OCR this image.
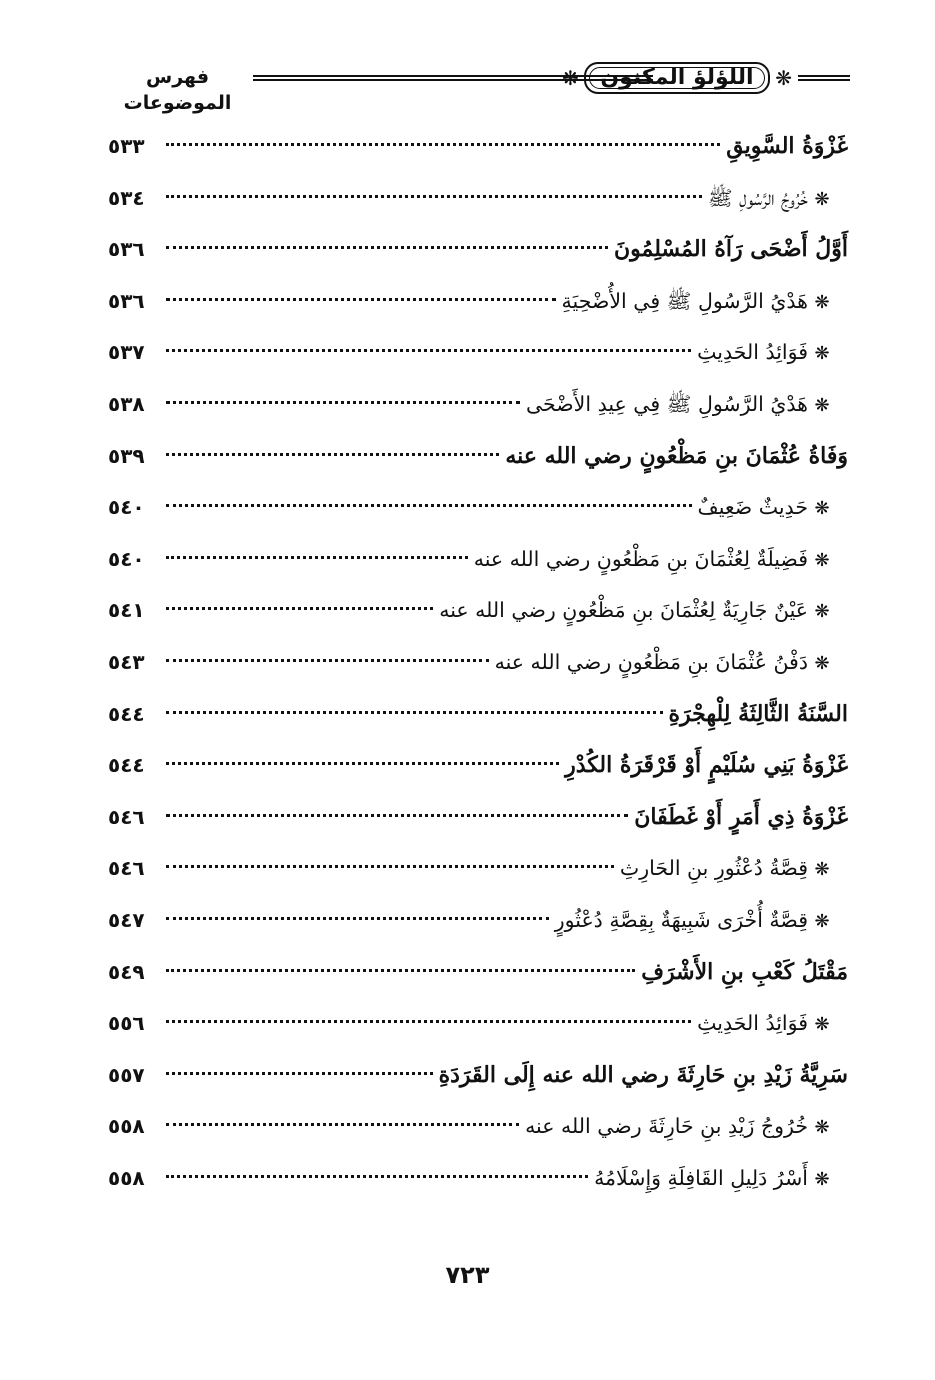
❋
اللؤلؤ المكنون
❋
فهرس الموضوعات
غَزْوَةُ السَّوِيقِ
٥٣٣
❋
خُرُوجُ الرَّسُولِ ﷺ
٥٣٤
أَوَّلُ أَضْحَى رَآهُ المُسْلِمُونَ
٥٣٦
❋
هَدْيُ الرَّسُولِ ﷺ فِي الأُضْحِيَةِ
٥٣٦
❋
فَوَائِدُ الحَدِيثِ
٥٣٧
❋
هَدْيُ الرَّسُولِ ﷺ فِي عِيدِ الأَضْحَى
٥٣٨
وَفَاةُ عُثْمَانَ بنِ مَظْعُونٍ رضي الله عنه
٥٣٩
❋
حَدِيثٌ ضَعِيفٌ
٥٤٠
❋
فَضِيلَةٌ لِعُثْمَانَ بنِ مَظْعُونٍ رضي الله عنه
٥٤٠
❋
عَيْنٌ جَارِيَةٌ لِعُثْمَانَ بنِ مَظْعُونٍ رضي الله عنه
٥٤١
❋
دَفْنُ عُثْمَانَ بنِ مَظْعُونٍ رضي الله عنه
٥٤٣
السَّنَةُ الثَّالِثَةُ لِلْهِجْرَةِ
٥٤٤
غَزْوَةُ بَنِي سُلَيْمٍ أَوْ قَرْقَرَةُ الكُدْرِ
٥٤٤
غَزْوَةُ ذِي أَمَرٍ أَوْ غَطَفَانَ
٥٤٦
❋
قِصَّةُ دُعْثُورِ بنِ الحَارِثِ
٥٤٦
❋
قِصَّةٌ أُخْرَى شَبِيهَةٌ بِقِصَّةِ دُعْثُورٍ
٥٤٧
مَقْتَلُ كَعْبِ بنِ الأَشْرَفِ
٥٤٩
❋
فَوَائِدُ الحَدِيثِ
٥٥٦
سَرِيَّةُ زَيْدِ بنِ حَارِثَةَ رضي الله عنه إِلَى القَرَدَةِ
٥٥٧
❋
خُرُوجُ زَيْدِ بنِ حَارِثَةَ رضي الله عنه
٥٥٨
❋
أَسْرُ دَلِيلِ القَافِلَةِ وَإِسْلَامُهُ
٥٥٨
٧٢٣
